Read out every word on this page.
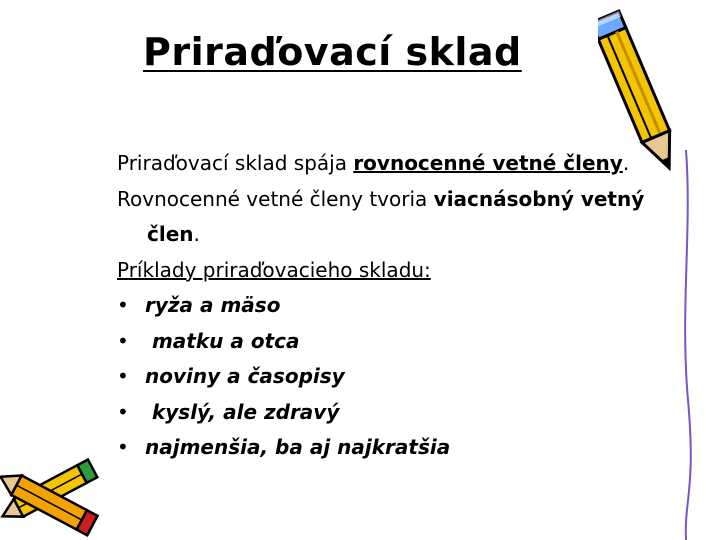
Priraďovací sklad
Priraďovací sklad spája rovnocenné vetné členy.
Rovnocenné vetné členy tvoria viacnásobný vetný
člen.
Príklady priraďovacieho skladu:
• ryža a mäso
• matku a otca
• noviny a časopisy
• kyslý, ale zdravý
• najmenšia, ba aj najkratšia
